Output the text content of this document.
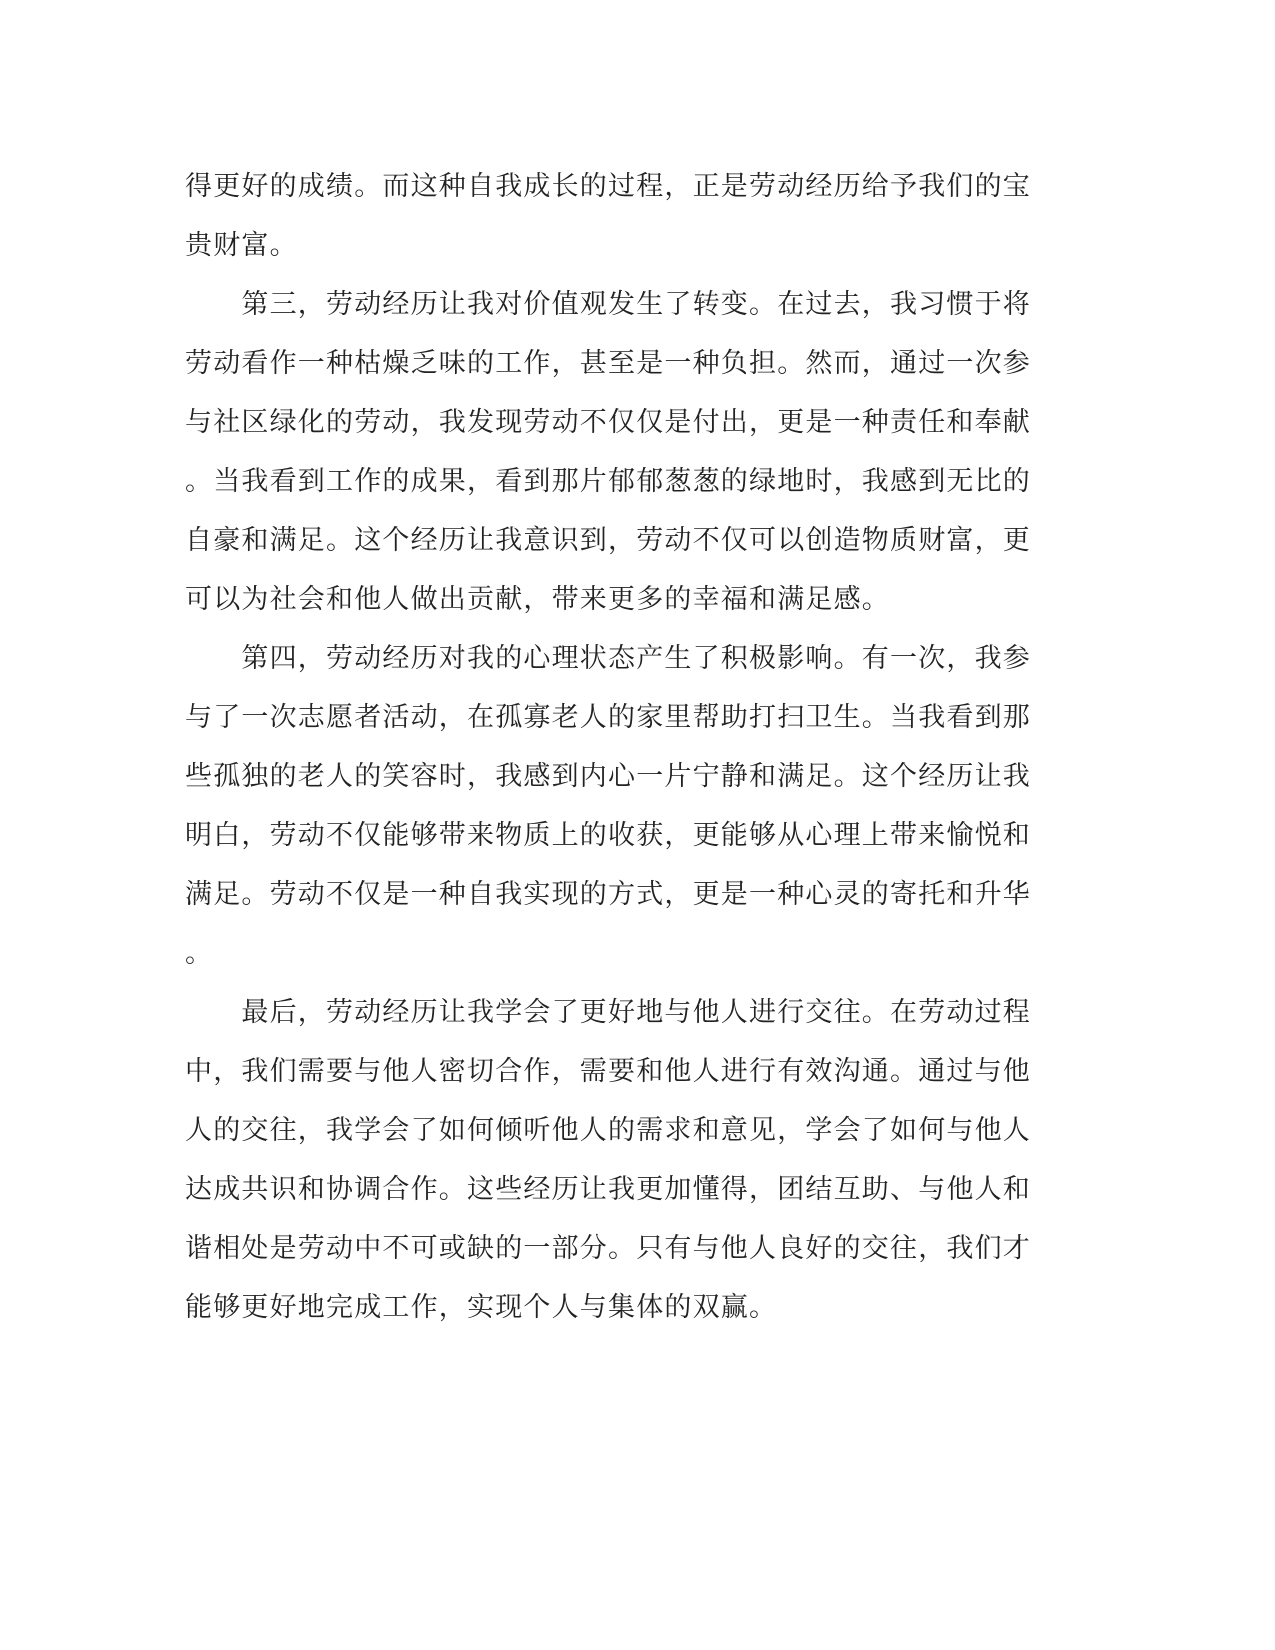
得更好的成绩。而这种自我成长的过程，正是劳动经历给予我们的宝
贵财富。
　　第三，劳动经历让我对价值观发生了转变。在过去，我习惯于将
劳动看作一种枯燥乏味的工作，甚至是一种负担。然而，通过一次参
与社区绿化的劳动，我发现劳动不仅仅是付出，更是一种责任和奉献
。当我看到工作的成果，看到那片郁郁葱葱的绿地时，我感到无比的
自豪和满足。这个经历让我意识到，劳动不仅可以创造物质财富，更
可以为社会和他人做出贡献，带来更多的幸福和满足感。
　　第四，劳动经历对我的心理状态产生了积极影响。有一次，我参
与了一次志愿者活动，在孤寡老人的家里帮助打扫卫生。当我看到那
些孤独的老人的笑容时，我感到内心一片宁静和满足。这个经历让我
明白，劳动不仅能够带来物质上的收获，更能够从心理上带来愉悦和
满足。劳动不仅是一种自我实现的方式，更是一种心灵的寄托和升华
。
　　最后，劳动经历让我学会了更好地与他人进行交往。在劳动过程
中，我们需要与他人密切合作，需要和他人进行有效沟通。通过与他
人的交往，我学会了如何倾听他人的需求和意见，学会了如何与他人
达成共识和协调合作。这些经历让我更加懂得，团结互助、与他人和
谐相处是劳动中不可或缺的一部分。只有与他人良好的交往，我们才
能够更好地完成工作，实现个人与集体的双赢。
